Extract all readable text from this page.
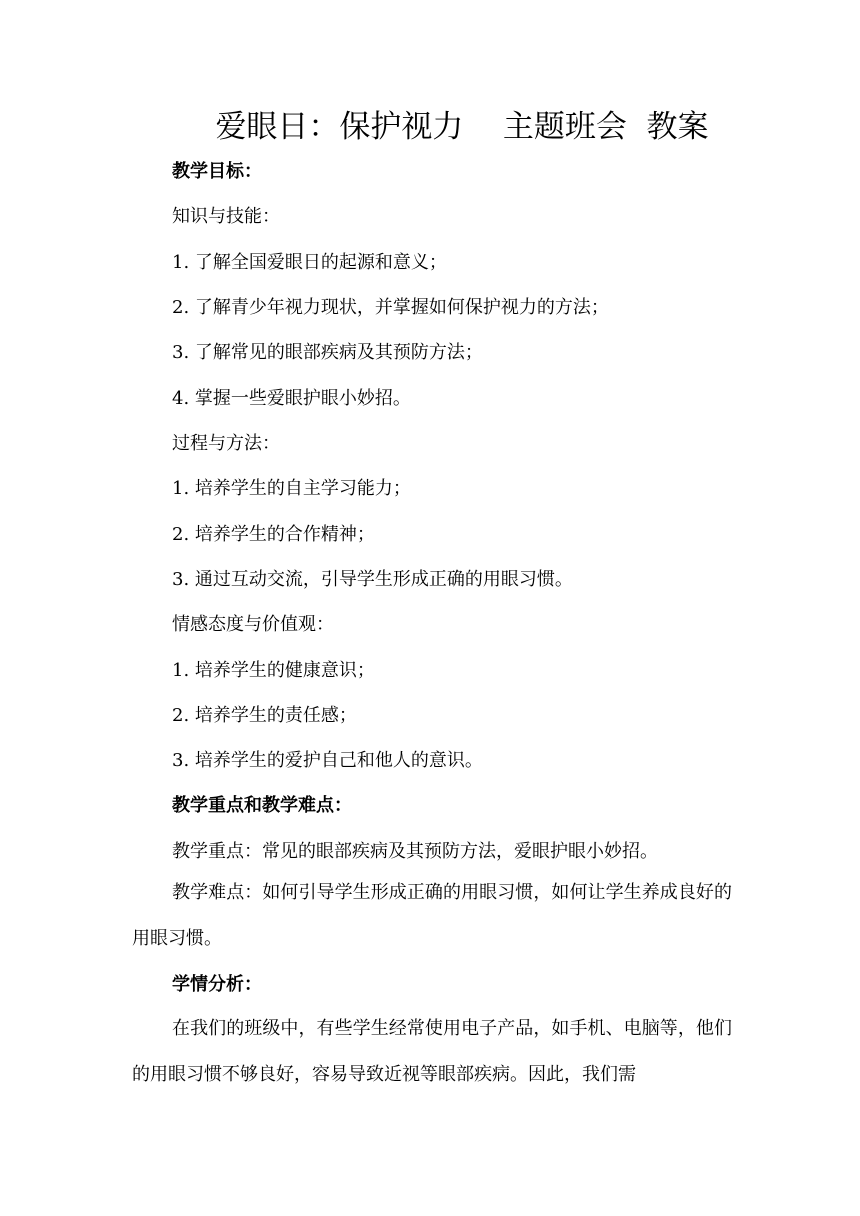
爱眼日：保护视力    主题班会  教案
教学目标：
知识与技能：
1. 了解全国爱眼日的起源和意义；
2. 了解青少年视力现状，并掌握如何保护视力的方法；
3. 了解常见的眼部疾病及其预防方法；
4. 掌握一些爱眼护眼小妙招。
过程与方法：
1. 培养学生的自主学习能力；
2. 培养学生的合作精神；
3. 通过互动交流，引导学生形成正确的用眼习惯。
情感态度与价值观：
1. 培养学生的健康意识；
2. 培养学生的责任感；
3. 培养学生的爱护自己和他人的意识。
教学重点和教学难点：
教学重点：常见的眼部疾病及其预防方法，爱眼护眼小妙招。
教学难点：如何引导学生形成正确的用眼习惯，如何让学生养成良好的用眼习惯。
学情分析：
在我们的班级中，有些学生经常使用电子产品，如手机、电脑等，他们的用眼习惯不够良好，容易导致近视等眼部疾病。因此，我们需
